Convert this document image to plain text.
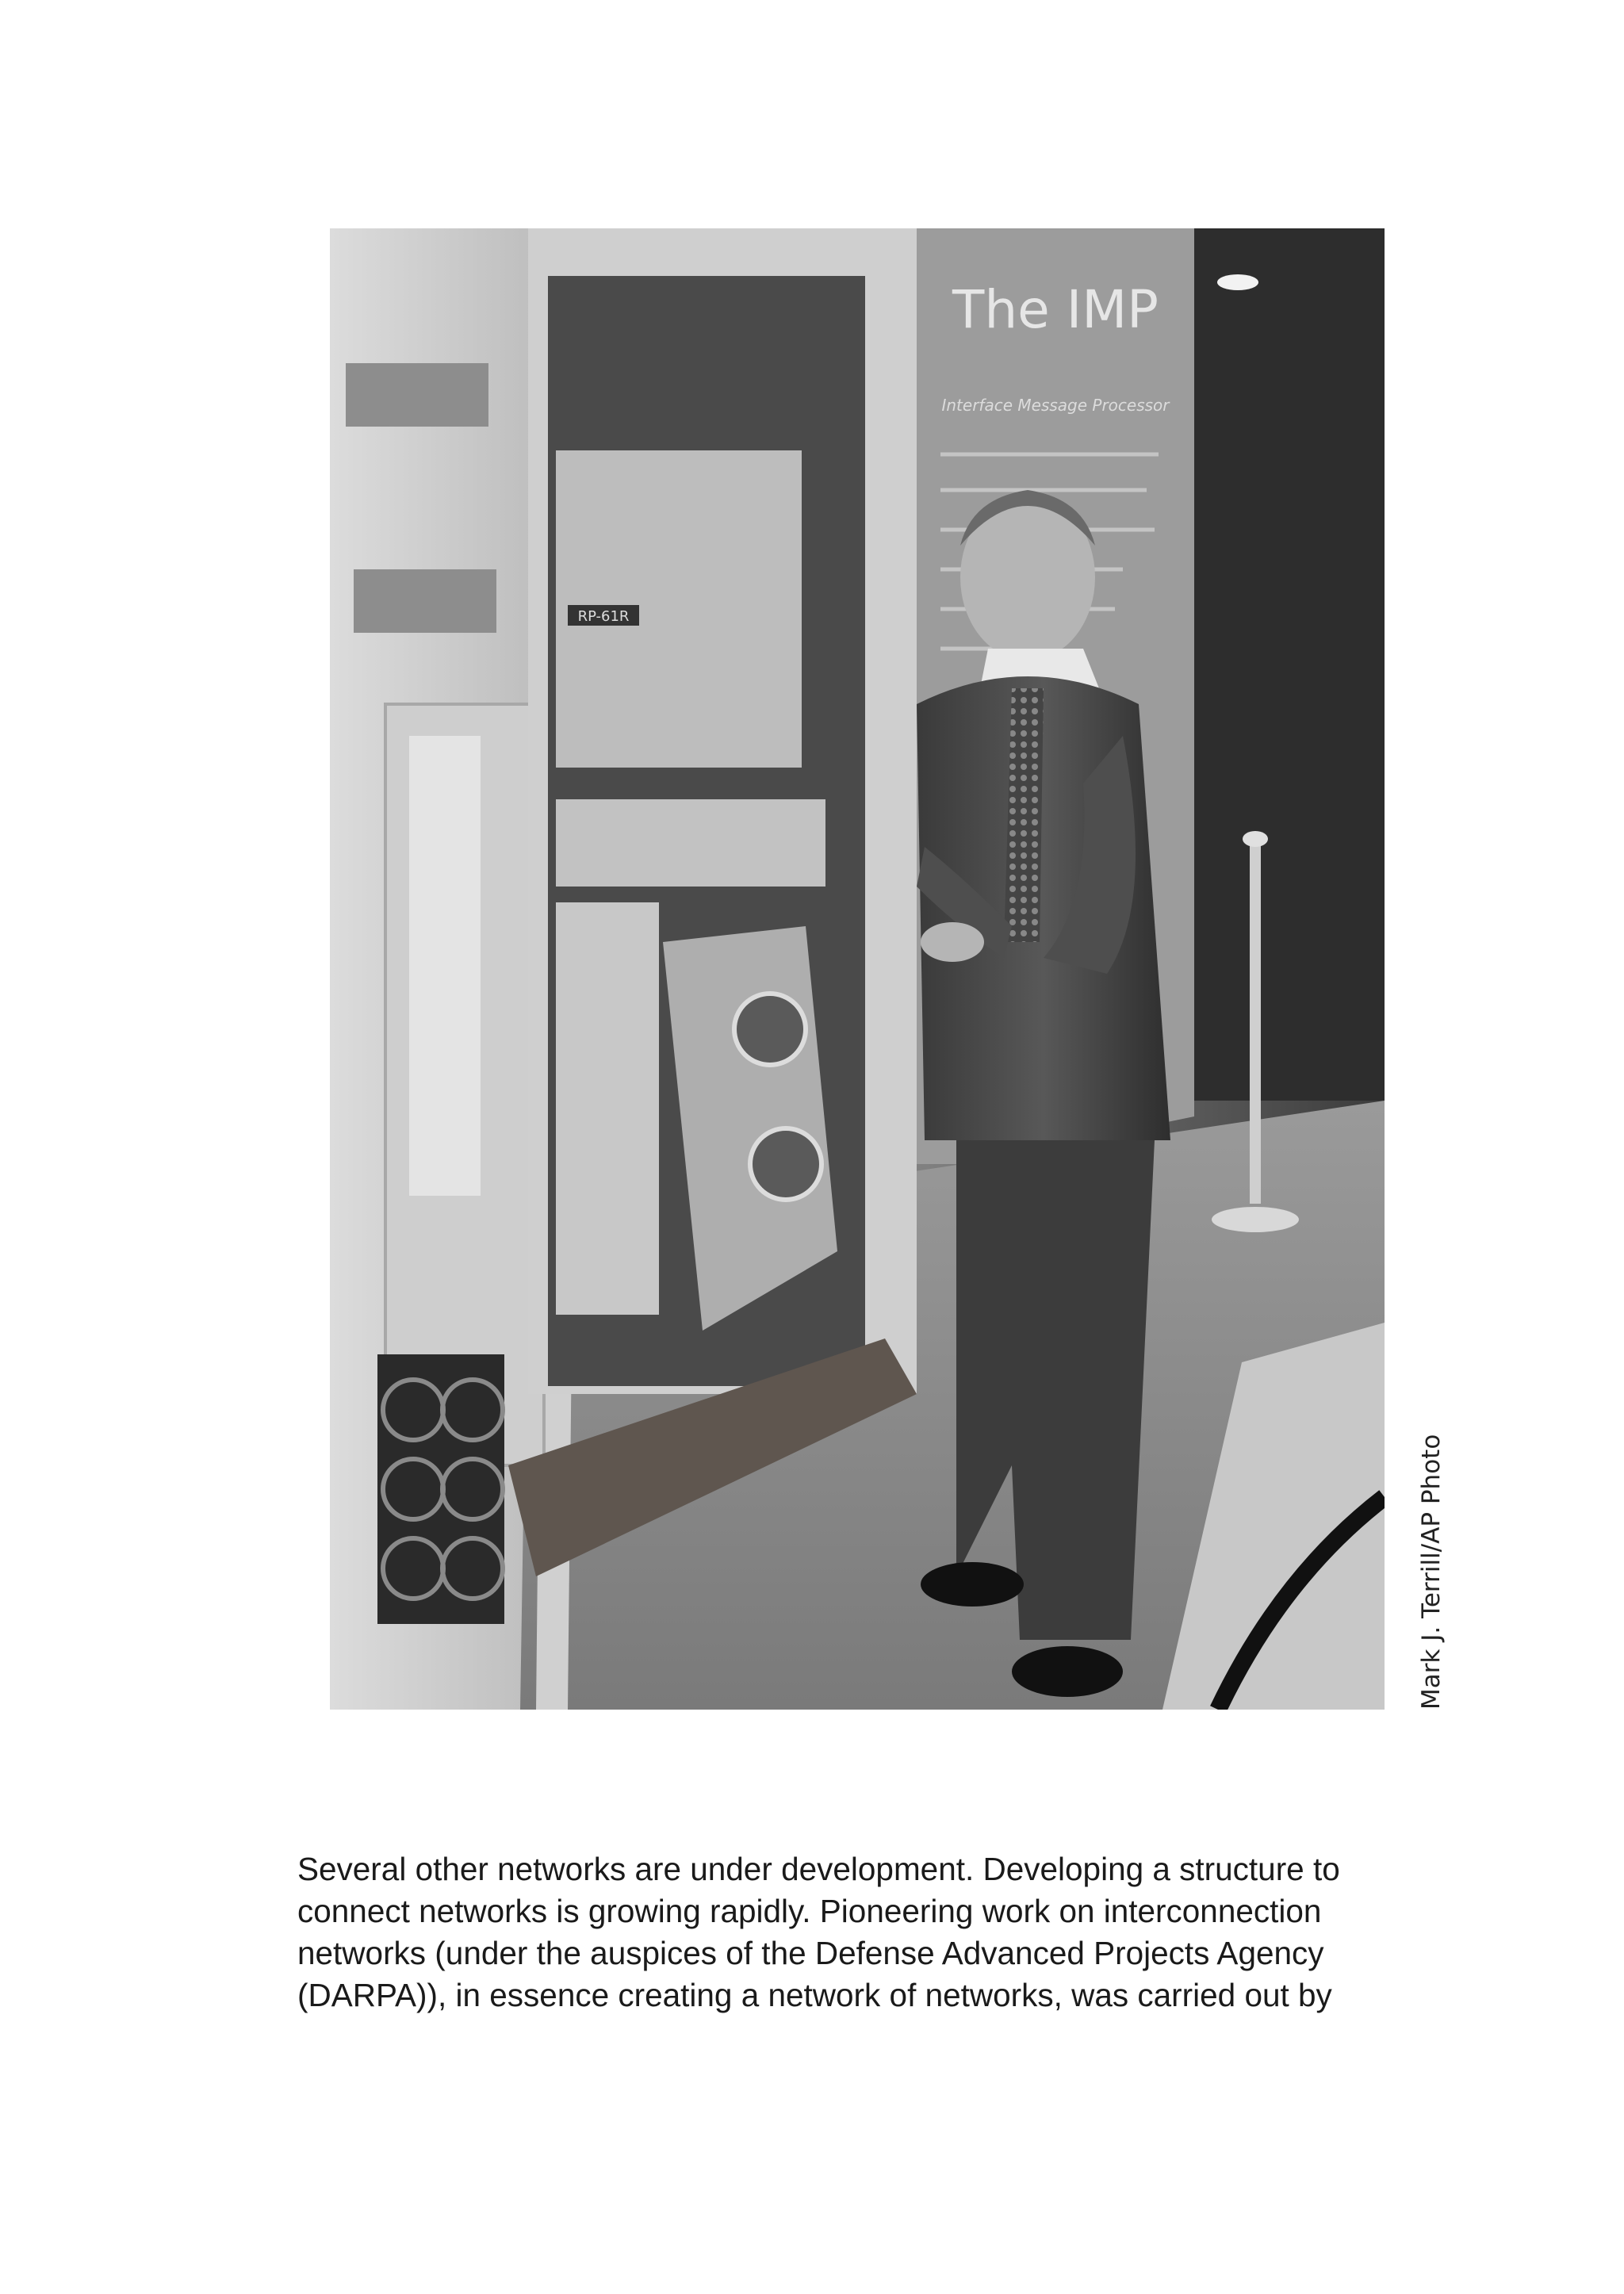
The IMP
Interface Message Processor
RP-61R
Mark J. Terrill/AP Photo
Several other networks are under development. Developing a structure to
connect networks is growing rapidly. Pioneering work on interconnection
networks (under the auspices of the Defense Advanced Projects Agency
(DARPA)), in essence creating a network of networks, was carried out by
